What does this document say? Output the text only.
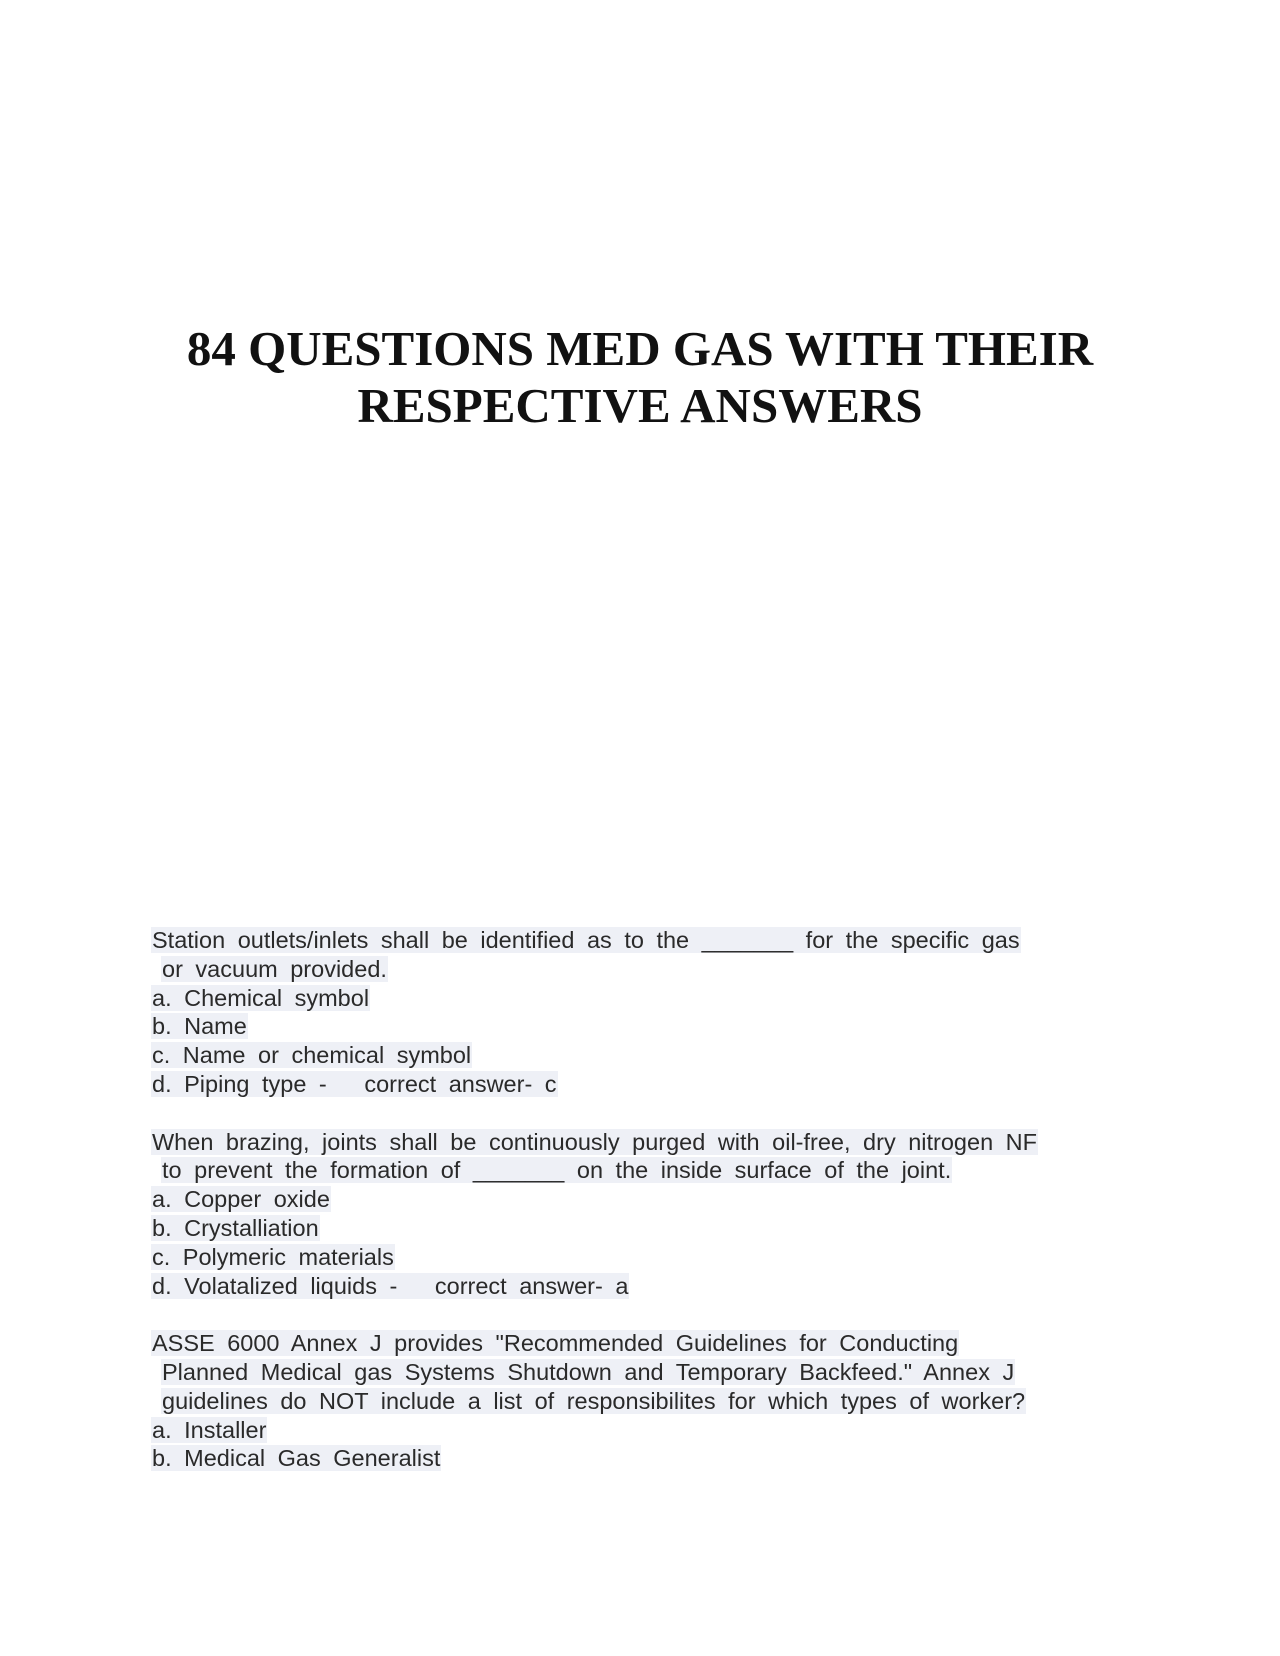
84 QUESTIONS MED GAS WITH THEIR
RESPECTIVE ANSWERS
Station outlets/inlets shall be identified as to the _______ for the specific gas
or vacuum provided.
a. Chemical symbol
b. Name
c. Name or chemical symbol
d. Piping type -   correct answer- c
When brazing, joints shall be continuously purged with oil-free, dry nitrogen NF
to prevent the formation of _______ on the inside surface of the joint.
a. Copper oxide
b. Crystalliation
c. Polymeric materials
d. Volatalized liquids -   correct answer- a
ASSE 6000 Annex J provides "Recommended Guidelines for Conducting
Planned Medical gas Systems Shutdown and Temporary Backfeed." Annex J
guidelines do NOT include a list of responsibilites for which types of worker?
a. Installer
b. Medical Gas Generalist
